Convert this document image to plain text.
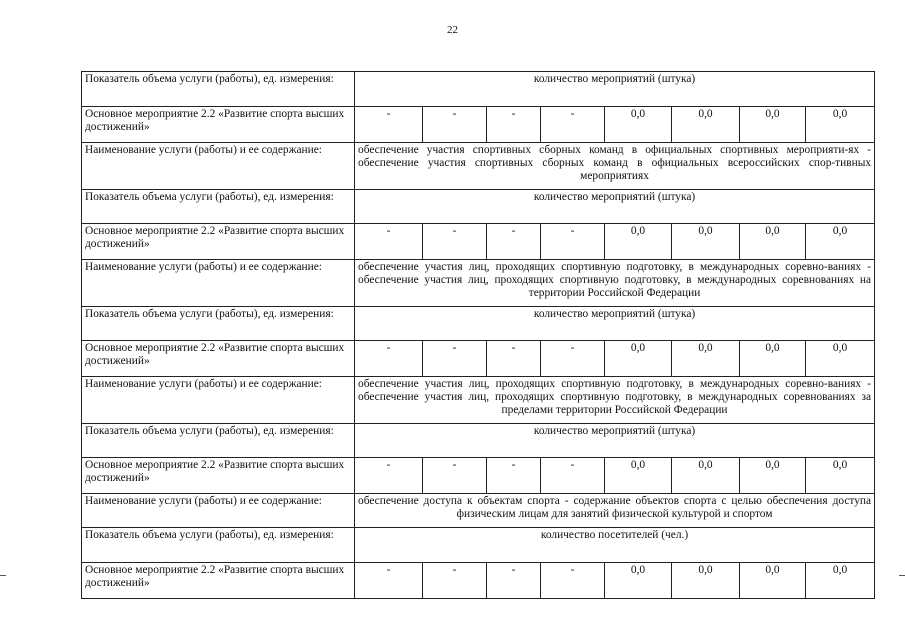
22
Показатель объема услуги (работы), ед. измерения:	количество мероприятий (штука)							
Основное мероприятие 2.2 «Развитие спорта высших достижений»	-	-	-	-	0,0	0,0	0,0	0,0
Наименование услуги (работы) и ее содержание:	обеспечение участия спортивных сборных команд в официальных спортивных мероприяти-ях - обеспечение участия спортивных сборных команд в официальных всероссийских спор-тивных мероприятиях							
Показатель объема услуги (работы), ед. измерения:	количество мероприятий (штука)							
Основное мероприятие 2.2 «Развитие спорта высших достижений»	-	-	-	-	0,0	0,0	0,0	0,0
Наименование услуги (работы) и ее содержание:	обеспечение участия лиц, проходящих спортивную подготовку, в международных соревно-ваниях - обеспечение участия лиц, проходящих спортивную подготовку, в международных соревнованиях на территории Российской Федерации							
Показатель объема услуги (работы), ед. измерения:	количество мероприятий (штука)							
Основное мероприятие 2.2 «Развитие спорта высших достижений»	-	-	-	-	0,0	0,0	0,0	0,0
Наименование услуги (работы) и ее содержание:	обеспечение участия лиц, проходящих спортивную подготовку, в международных соревно-ваниях - обеспечение участия лиц, проходящих спортивную подготовку, в международных соревнованиях за пределами территории Российской Федерации							
Показатель объема услуги (работы), ед. измерения:	количество мероприятий (штука)							
Основное мероприятие 2.2 «Развитие спорта высших достижений»	-	-	-	-	0,0	0,0	0,0	0,0
Наименование услуги (работы) и ее содержание:	обеспечение доступа к объектам спорта - содержание объектов спорта с целью обеспечения доступа физическим лицам для занятий физической культурой и спортом							
Показатель объема услуги (работы), ед. измерения:	количество посетителей (чел.)							
Основное мероприятие 2.2 «Развитие спорта высших достижений»	-	-	-	-	0,0	0,0	0,0	0,0
